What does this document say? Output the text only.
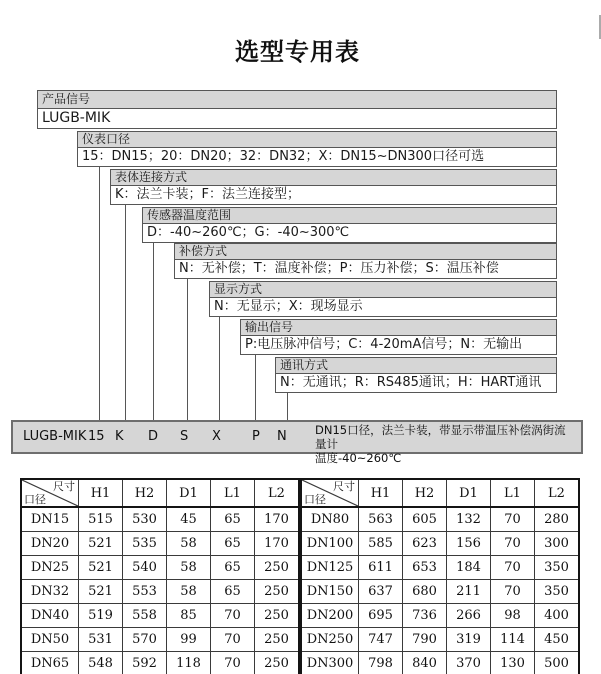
选型专用表
产品信号
LUGB-MIK
仪表口径
15：DN15；20：DN20；32：DN32；X：DN15~DN300口径可选
表体连接方式
K：法兰卡装；F：法兰连接型；
传感器温度范围
D：-40~260℃；G：-40~300℃
补偿方式
N：无补偿；T：温度补偿；P：压力补偿；S：温压补偿
显示方式
N：无显示；X：现场显示
输出信号
P:电压脉冲信号；C：4-20mA信号；N：无输出
通讯方式
N：无通讯；R：RS485通讯；H：HART通讯
LUGB-MIK 15 K D S X P N DN15口径，法兰卡装，带显示带温压补偿涡街流量计
温度-40~260℃
尺寸
口径	H1	H2	D1	L1	L2
DN15	515	530	45	65	170
DN20	521	535	58	65	170
DN25	521	540	58	65	250
DN32	521	553	58	65	250
DN40	519	558	85	70	250
DN50	531	570	99	70	250
DN65	548	592	118	70	250
尺寸
口径	H1	H2	D1	L1	L2
DN80	563	605	132	70	280
DN100	585	623	156	70	300
DN125	611	653	184	70	350
DN150	637	680	211	70	350
DN200	695	736	266	98	400
DN250	747	790	319	114	450
DN300	798	840	370	130	500
